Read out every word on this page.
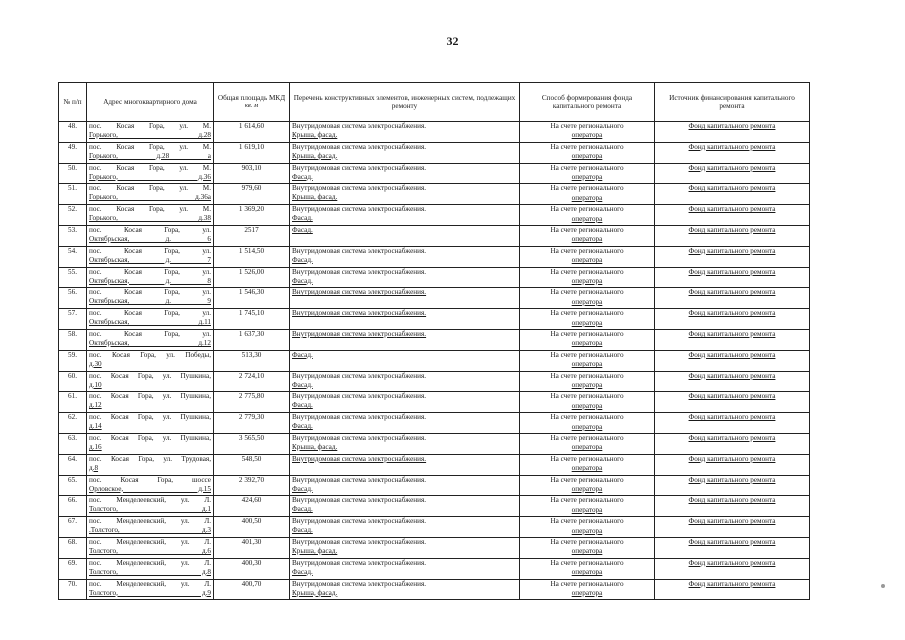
32
№ п/п	Адрес многоквартирного дома	Общая площадь МКД
кв. м	Перечень конструктивных элементов, инженерных систем, подлежащих ремонту	Способ формирования фонда капитального ремонта	Источник финансирования капитального ремонта
48.	пос. Косая Гора, ул. М.
Горького, д.28	1 614,60	Внутридомовая система электроснабжения.
Крыша, фасад.	На счете регионального
оператора	Фонд капитального ремонта
49.	пос. Косая Гора, ул. М.
Горького, д.28 а	1 619,10	Внутридомовая система электроснабжения.
Крыша, фасад.	На счете регионального
оператора	Фонд капитального ремонта
50.	пос. Косая Гора, ул. М.
Горького, д.36	903,10	Внутридомовая система электроснабжения.
Фасад.	На счете регионального
оператора	Фонд капитального ремонта
51.	пос. Косая Гора, ул. М.
Горького, д.36а	979,60	Внутридомовая система электроснабжения.
Крыша, фасад.	На счете регионального
оператора	Фонд капитального ремонта
52.	пос. Косая Гора, ул. М.
Горького, д.38	1 369,20	Внутридомовая система электроснабжения.
Фасад.	На счете регионального
оператора	Фонд капитального ремонта
53.	пос. Косая Гора, ул.
Октябрьская, д. 6	2517	Фасад.	На счете регионального
оператора	Фонд капитального ремонта
54.	пос. Косая Гора, ул.
Октябрьская, д. 7	1 514,50	Внутридомовая система электроснабжения.
Фасад.	На счете регионального
оператора	Фонд капитального ремонта
55.	пос. Косая Гора, ул.
Октябрьская, д. 8	1 526,00	Внутридомовая система электроснабжения.
Фасад.	На счете регионального
оператора	Фонд капитального ремонта
56.	пос. Косая Гора, ул.
Октябрьская, д. 9	1 546,30	Внутридомовая система электроснабжения.	На счете регионального
оператора	Фонд капитального ремонта
57.	пос. Косая Гора, ул.
Октябрьская, д.11	1 745,10	Внутридомовая система электроснабжения.	На счете регионального
оператора	Фонд капитального ремонта
58.	пос. Косая Гора, ул.
Октябрьская, д.12	1 637,30	Внутридомовая система электроснабжения.	На счете регионального
оператора	Фонд капитального ремонта
59.	пос. Косая Гора, ул. Победы,
д.30	513,30	Фасад.	На счете регионального
оператора	Фонд капитального ремонта
60.	пос. Косая Гора, ул. Пушкина,
д.10	2 724,10	Внутридомовая система электроснабжения.
Фасад.	На счете регионального
оператора	Фонд капитального ремонта
61.	пос. Косая Гора, ул. Пушкина,
д.12	2 775,80	Внутридомовая система электроснабжения.
Фасад.	На счете регионального
оператора	Фонд капитального ремонта
62.	пос. Косая Гора, ул. Пушкина,
д.14	2 779,30	Внутридомовая система электроснабжения.
Фасад.	На счете регионального
оператора	Фонд капитального ремонта
63.	пос. Косая Гора, ул. Пушкина,
д.16	3 565,50	Внутридомовая система электроснабжения.
Крыша, фасад.	На счете регионального
оператора	Фонд капитального ремонта
64.	пос. Косая Гора, ул. Трудовая,
д.8	548,50	Внутридомовая система электроснабжения.	На счете регионального
оператора	Фонд капитального ремонта
65.	пос. Косая Гора, шоссе
Орловское, д.15	2 392,70	Внутридомовая система электроснабжения.
Фасад.	На счете регионального
оператора	Фонд капитального ремонта
66.	пос. Менделеевский, ул. Л.
Толстого, д.1	424,60	Внутридомовая система электроснабжения.
Фасад.	На счете регионального
оператора	Фонд капитального ремонта
67.	пос. Менделеевский, ул. Л.
.Толстого, д.3	400,50	Внутридомовая система электроснабжения.
Фасад.	На счете регионального
оператора	Фонд капитального ремонта
68.	пос. Менделеевский, ул. Л.
Толстого, д.6	401,30	Внутридомовая система электроснабжения.
Крыша, фасад.	На счете регионального
оператора	Фонд капитального ремонта
69.	пос. Менделеевский, ул. Л.
Толстого, д.8	400,30	Внутридомовая система электроснабжения.
Фасад.	На счете регионального
оператора	Фонд капитального ремонта
70.	пос. Менделеевский, ул. Л.
Толстого, д.9	400,70	Внутридомовая система электроснабжения.
Крыша, фасад.	На счете регионального
оператора	Фонд капитального ремонта
